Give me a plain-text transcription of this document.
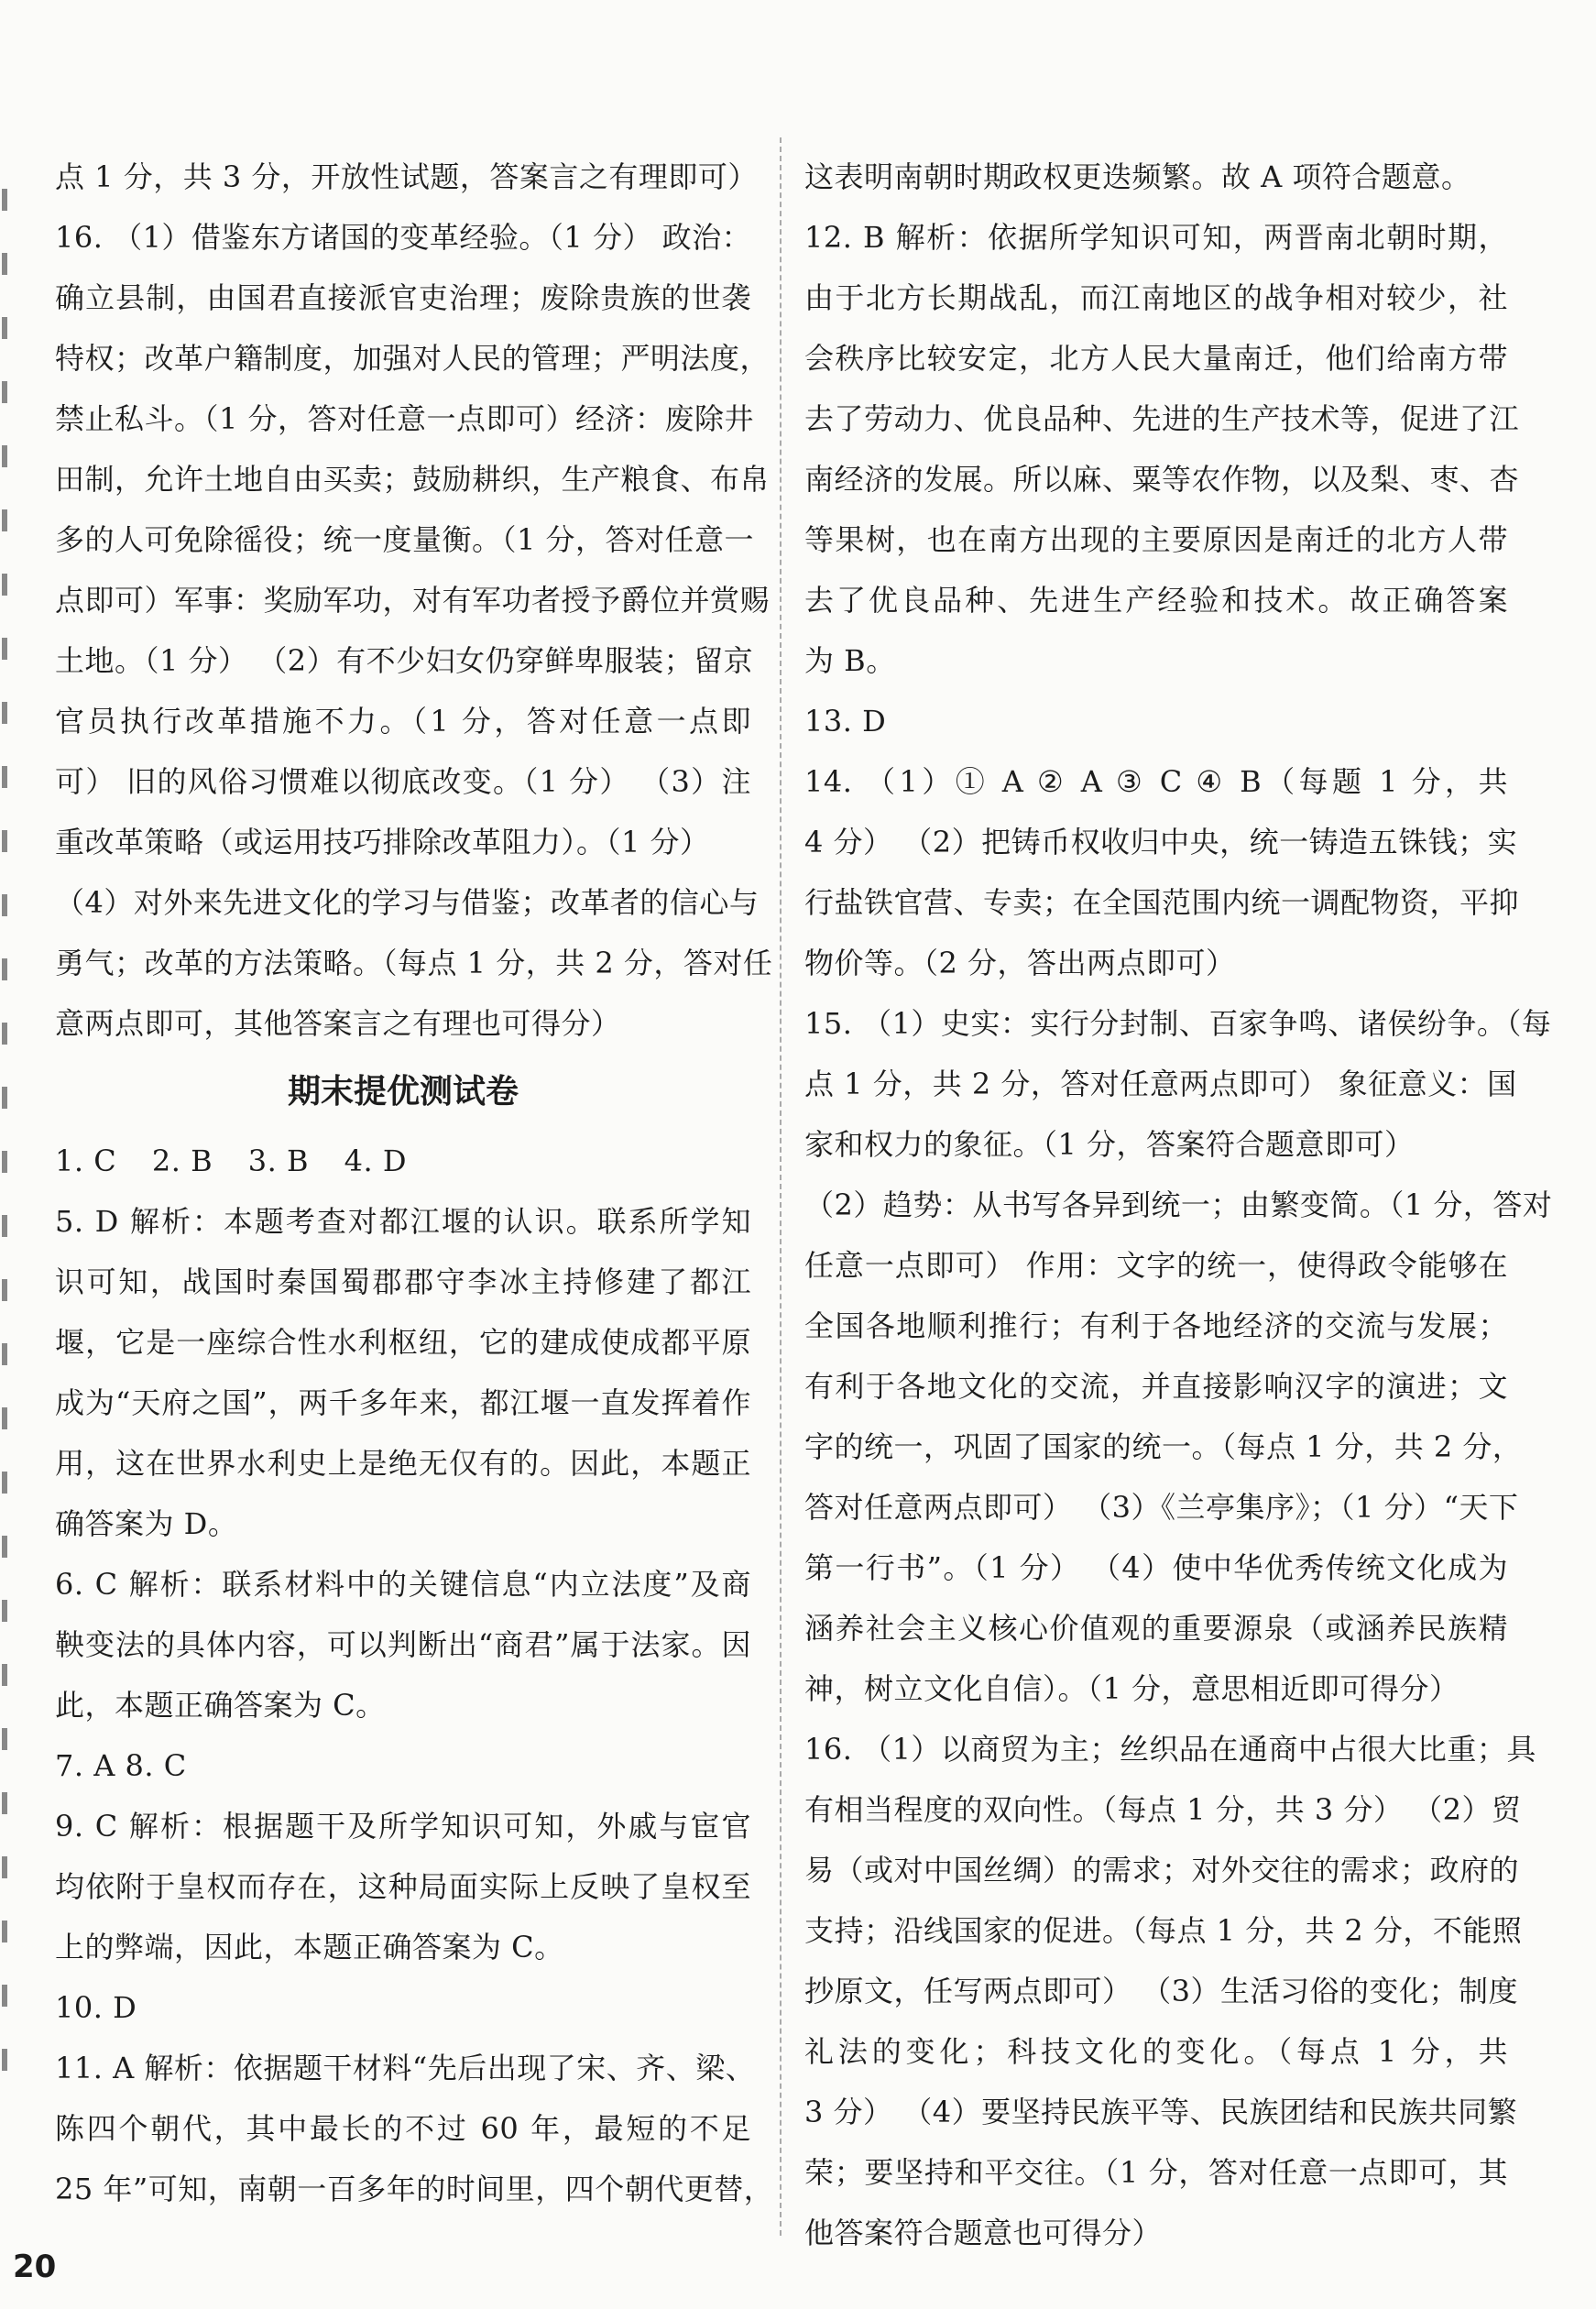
点 1 分，共 3 分，开放性试题，答案言之有理即可）
16. （1）借鉴东方诸国的变革经验。（1 分） 政治：
确立县制，由国君直接派官吏治理；废除贵族的世袭
特权；改革户籍制度，加强对人民的管理；严明法度，
禁止私斗。（1 分，答对任意一点即可）经济：废除井
田制，允许土地自由买卖；鼓励耕织，生产粮食、布帛
多的人可免除徭役；统一度量衡。（1 分，答对任意一
点即可）军事：奖励军功，对有军功者授予爵位并赏赐
土地。（1 分） （2）有不少妇女仍穿鲜卑服装；留京
官员执行改革措施不力。（1 分，答对任意一点即
可） 旧的风俗习惯难以彻底改变。（1 分） （3）注
重改革策略（或运用技巧排除改革阻力）。（1 分）
（4）对外来先进文化的学习与借鉴；改革者的信心与
勇气；改革的方法策略。（每点 1 分，共 2 分，答对任
意两点即可，其他答案言之有理也可得分）
期末提优测试卷
1. C 2. B 3. B 4. D
5. D 解析：本题考查对都江堰的认识。联系所学知
识可知，战国时秦国蜀郡郡守李冰主持修建了都江
堰，它是一座综合性水利枢纽，它的建成使成都平原
成为“天府之国”，两千多年来，都江堰一直发挥着作
用，这在世界水利史上是绝无仅有的。因此，本题正
确答案为 D。
6. C 解析：联系材料中的关键信息“内立法度”及商
鞅变法的具体内容，可以判断出“商君”属于法家。因
此，本题正确答案为 C。
7. A 8. C
9. C 解析：根据题干及所学知识可知，外戚与宦官
均依附于皇权而存在，这种局面实际上反映了皇权至
上的弊端，因此，本题正确答案为 C。
10. D
11. A 解析：依据题干材料“先后出现了宋、齐、梁、
陈四个朝代，其中最长的不过 60 年，最短的不足
25 年”可知，南朝一百多年的时间里，四个朝代更替，
这表明南朝时期政权更迭频繁。故 A 项符合题意。
12. B 解析：依据所学知识可知，两晋南北朝时期，
由于北方长期战乱，而江南地区的战争相对较少，社
会秩序比较安定，北方人民大量南迁，他们给南方带
去了劳动力、优良品种、先进的生产技术等，促进了江
南经济的发展。所以麻、粟等农作物，以及梨、枣、杏
等果树，也在南方出现的主要原因是南迁的北方人带
去了优良品种、先进生产经验和技术。故正确答案
为 B。
13. D
14. （1）① A ② A ③ C ④ B（每题 1 分，共
4 分） （2）把铸币权收归中央，统一铸造五铢钱；实
行盐铁官营、专卖；在全国范围内统一调配物资，平抑
物价等。（2 分，答出两点即可）
15. （1）史实：实行分封制、百家争鸣、诸侯纷争。（每
点 1 分，共 2 分，答对任意两点即可） 象征意义：国
家和权力的象征。（1 分，答案符合题意即可）
（2）趋势：从书写各异到统一；由繁变简。（1 分，答对
任意一点即可） 作用：文字的统一，使得政令能够在
全国各地顺利推行；有利于各地经济的交流与发展；
有利于各地文化的交流，并直接影响汉字的演进；文
字的统一，巩固了国家的统一。（每点 1 分，共 2 分，
答对任意两点即可） （3）《兰亭集序》；（1 分）“天下
第一行书”。（1 分） （4）使中华优秀传统文化成为
涵养社会主义核心价值观的重要源泉（或涵养民族精
神，树立文化自信）。（1 分，意思相近即可得分）
16. （1）以商贸为主；丝织品在通商中占很大比重；具
有相当程度的双向性。（每点 1 分，共 3 分） （2）贸
易（或对中国丝绸）的需求；对外交往的需求；政府的
支持；沿线国家的促进。（每点 1 分，共 2 分，不能照
抄原文，任写两点即可） （3）生活习俗的变化；制度
礼法的变化；科技文化的变化。（每点 1 分，共
3 分） （4）要坚持民族平等、民族团结和民族共同繁
荣；要坚持和平交往。（1 分，答对任意一点即可，其
他答案符合题意也可得分）
20
